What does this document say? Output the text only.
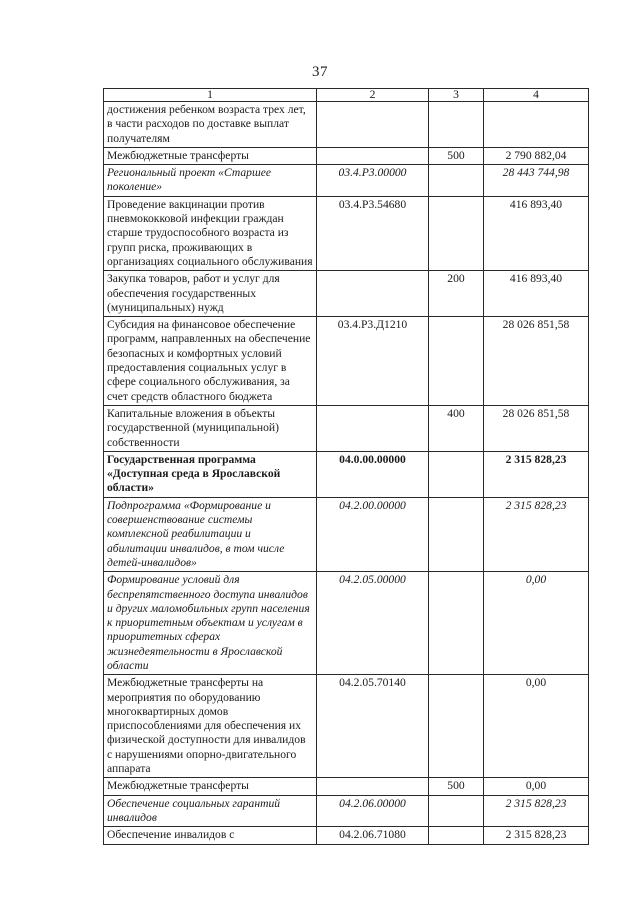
37
1	2	3	4
достижения ребенком возраста трех лет, в части расходов по доставке выплат получателям			
Межбюджетные трансферты		500	2 790 882,04
Региональный проект «Старшее поколение»	03.4.P3.00000		28 443 744,98
Проведение вакцинации против пневмококковой инфекции граждан старше трудоспособного возраста из групп риска, проживающих в организациях социального обслуживания	03.4.P3.54680		416 893,40
Закупка товаров, работ и услуг для обеспечения государственных (муниципальных) нужд		200	416 893,40
Субсидия на финансовое обеспечение программ, направленных на обеспечение безопасных и комфортных условий предоставления социальных услуг в сфере социального обслуживания, за счет средств областного бюджета	03.4.P3.Д1210		28 026 851,58
Капитальные вложения в объекты государственной (муниципальной) собственности		400	28 026 851,58
Государственная программа «Доступная среда в Ярославской области»	04.0.00.00000		2 315 828,23
Подпрограмма «Формирование и совершенствование системы комплексной реабилитации и абилитации инвалидов, в том числе детей-инвалидов»	04.2.00.00000		2 315 828,23
Формирование условий для беспрепятственного доступа инвалидов и других маломобильных групп населения к приоритетным объектам и услугам в приоритетных сферах жизнедеятельности в Ярославской области	04.2.05.00000		0,00
Межбюджетные трансферты на мероприятия по оборудованию многоквартирных домов приспособлениями для обеспечения их физической доступности для инвалидов с нарушениями опорно-двигательного аппарата	04.2.05.70140		0,00
Межбюджетные трансферты		500	0,00
Обеспечение социальных гарантий инвалидов	04.2.06.00000		2 315 828,23
Обеспечение инвалидов с	04.2.06.71080		2 315 828,23
